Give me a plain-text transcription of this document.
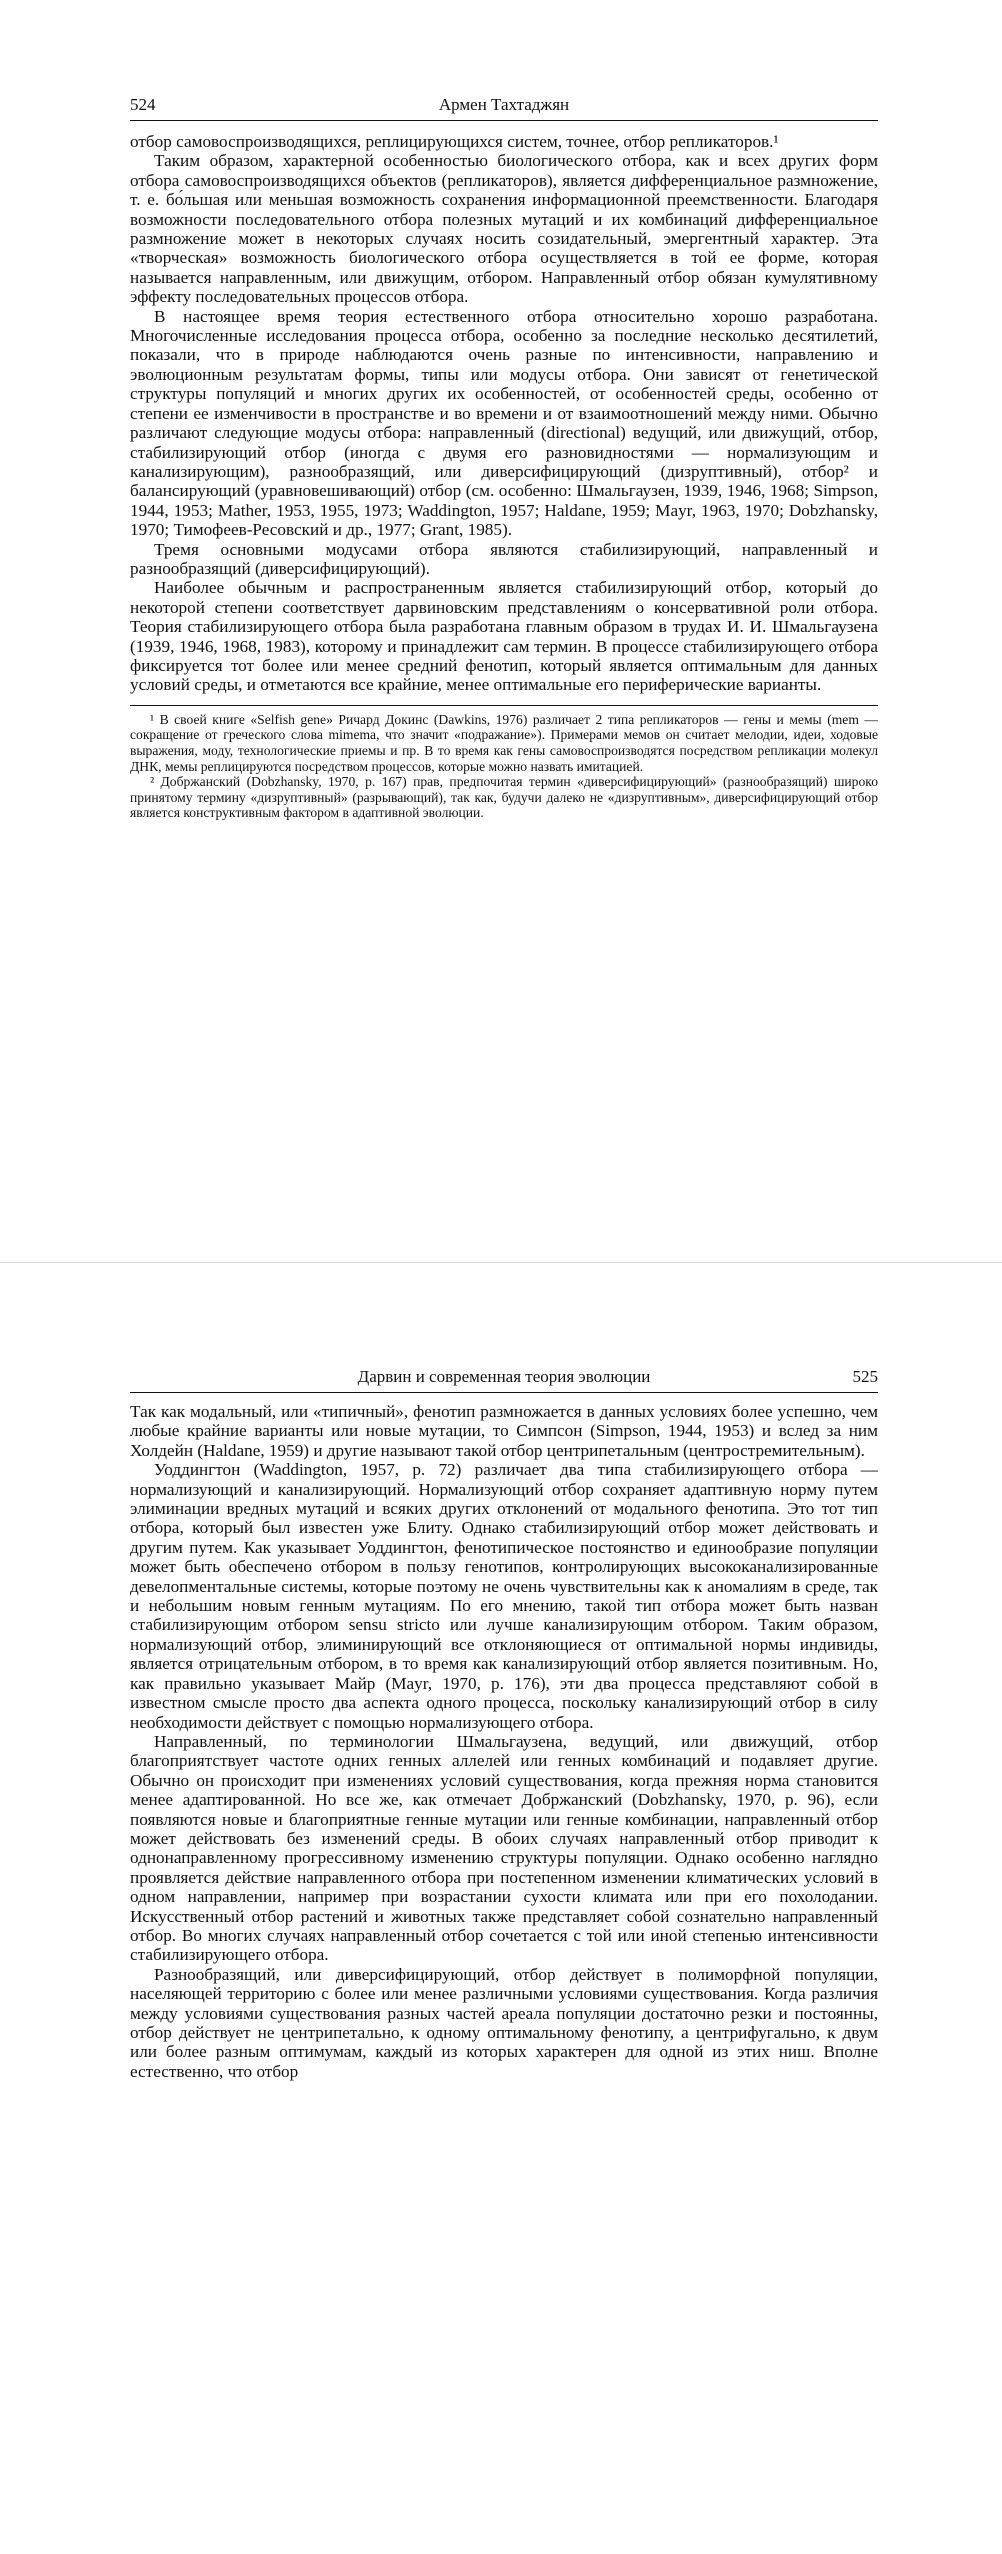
524	Армен Тахтаджян

отбор самовоспроизводящихся, реплицирующихся систем, точнее, отбор репликаторов.¹

Таким образом, характерной особенностью биологического отбора, как и всех других форм отбора самовоспроизводящихся объектов (репликаторов), является дифференциальное размножение, т. е. бо́льшая или меньшая возможность сохранения информационной преемственности. Благодаря возможности последовательного отбора полезных мутаций и их комбинаций дифференциальное размножение может в некоторых случаях носить созидательный, эмергентный характер. Эта «творческая» возможность биологического отбора осуществляется в той ее форме, которая называется направленным, или движущим, отбором. Направленный отбор обязан кумулятивному эффекту последовательных процессов отбора.

В настоящее время теория естественного отбора относительно хорошо разработана. Многочисленные исследования процесса отбора, особенно за последние несколько десятилетий, показали, что в природе наблюдаются очень разные по интенсивности, направлению и эволюционным результатам формы, типы или модусы отбора. Они зависят от генетической структуры популяций и многих других их особенностей, от особенностей среды, особенно от степени ее изменчивости в пространстве и во времени и от взаимоотношений между ними. Обычно различают следующие модусы отбора: направленный (directional) ведущий, или движущий, отбор, стабилизирующий отбор (иногда с двумя его разновидностями — нормализующим и канализирующим), разнообразящий, или диверсифицирующий (дизруптивный), отбор² и балансирующий (уравновешивающий) отбор (см. особенно: Шмальгаузен, 1939, 1946, 1968; Simpson, 1944, 1953; Mather, 1953, 1955, 1973; Waddington, 1957; Haldane, 1959; Mayr, 1963, 1970; Dobzhansky, 1970; Тимофеев-Ресовский и др., 1977; Grant, 1985).

Тремя основными модусами отбора являются стабилизирующий, направленный и разнообразящий (диверсифицирующий).

Наиболее обычным и распространенным является стабилизирующий отбор, который до некоторой степени соответствует дарвиновским представлениям о консервативной роли отбора. Теория стабилизирующего отбора была разработана главным образом в трудах И. И. Шмальгаузена (1939, 1946, 1968, 1983), которому и принадлежит сам термин. В процессе стабилизирующего отбора фиксируется тот более или менее средний фенотип, который является оптимальным для данных условий среды, и отметаются все крайние, менее оптимальные его периферические варианты.

¹ В своей книге «Selfish gene» Ричард Докинс (Dawkins, 1976) различает 2 типа репликаторов — гены и мемы (mem — сокращение от греческого слова mimema, что значит «подражание»). Примерами мемов он считает мелодии, идеи, ходовые выражения, моду, технологические приемы и пр. В то время как гены самовоспроизводятся посредством репликации молекул ДНК, мемы реплицируются посредством процессов, которые можно назвать имитацией.

² Добржанский (Dobzhansky, 1970, p. 167) прав, предпочитая термин «диверсифицирующий» (разнообразящий) широко принятому термину «дизруптивный» (разрывающий), так как, будучи далеко не «дизруптивным», диверсифицирующий отбор является конструктивным фактором в адаптивной эволюции.

Дарвин и современная теория эволюции	525

Так как модальный, или «типичный», фенотип размножается в данных условиях более успешно, чем любые крайние варианты или новые мутации, то Симпсон (Simpson, 1944, 1953) и вслед за ним Холдейн (Haldane, 1959) и другие называют такой отбор центрипетальным (центростремительным).

Уоддингтон (Waddington, 1957, p. 72) различает два типа стабилизирующего отбора — нормализующий и канализирующий. Нормализующий отбор сохраняет адаптивную норму путем элиминации вредных мутаций и всяких других отклонений от модального фенотипа. Это тот тип отбора, который был известен уже Блиту. Однако стабилизирующий отбор может действовать и другим путем. Как указывает Уоддингтон, фенотипическое постоянство и единообразие популяции может быть обеспечено отбором в пользу генотипов, контролирующих высококанализированные девелопментальные системы, которые поэтому не очень чувствительны как к аномалиям в среде, так и небольшим новым генным мутациям. По его мнению, такой тип отбора может быть назван стабилизирующим отбором sensu stricto или лучше канализирующим отбором. Таким образом, нормализующий отбор, элиминирующий все отклоняющиеся от оптимальной нормы индивиды, является отрицательным отбором, в то время как канализирующий отбор является позитивным. Но, как правильно указывает Майр (Mayr, 1970, p. 176), эти два процесса представляют собой в известном смысле просто два аспекта одного процесса, поскольку канализирующий отбор в силу необходимости действует с помощью нормализующего отбора.

Направленный, по терминологии Шмальгаузена, ведущий, или движущий, отбор благоприятствует частоте одних генных аллелей или генных комбинаций и подавляет другие. Обычно он происходит при изменениях условий существования, когда прежняя норма становится менее адаптированной. Но все же, как отмечает Добржанский (Dobzhansky, 1970, p. 96), если появляются новые и благоприятные генные мутации или генные комбинации, направленный отбор может действовать без изменений среды. В обоих случаях направленный отбор приводит к однонаправленному прогрессивному изменению структуры популяции. Однако особенно наглядно проявляется действие направленного отбора при постепенном изменении климатических условий в одном направлении, например при возрастании сухости климата или при его похолодании. Искусственный отбор растений и животных также представляет собой сознательно направленный отбор. Во многих случаях направленный отбор сочетается с той или иной степенью интенсивности стабилизирующего отбора.

Разнообразящий, или диверсифицирующий, отбор действует в полиморфной популяции, населяющей территорию с более или менее различными условиями существования. Когда различия между условиями существования разных частей ареала популяции достаточно резки и постоянны, отбор действует не центрипетально, к одному оптимальному фенотипу, а центрифугально, к двум или более разным оптимумам, каждый из которых характерен для одной из этих ниш. Вполне естественно, что отбор
